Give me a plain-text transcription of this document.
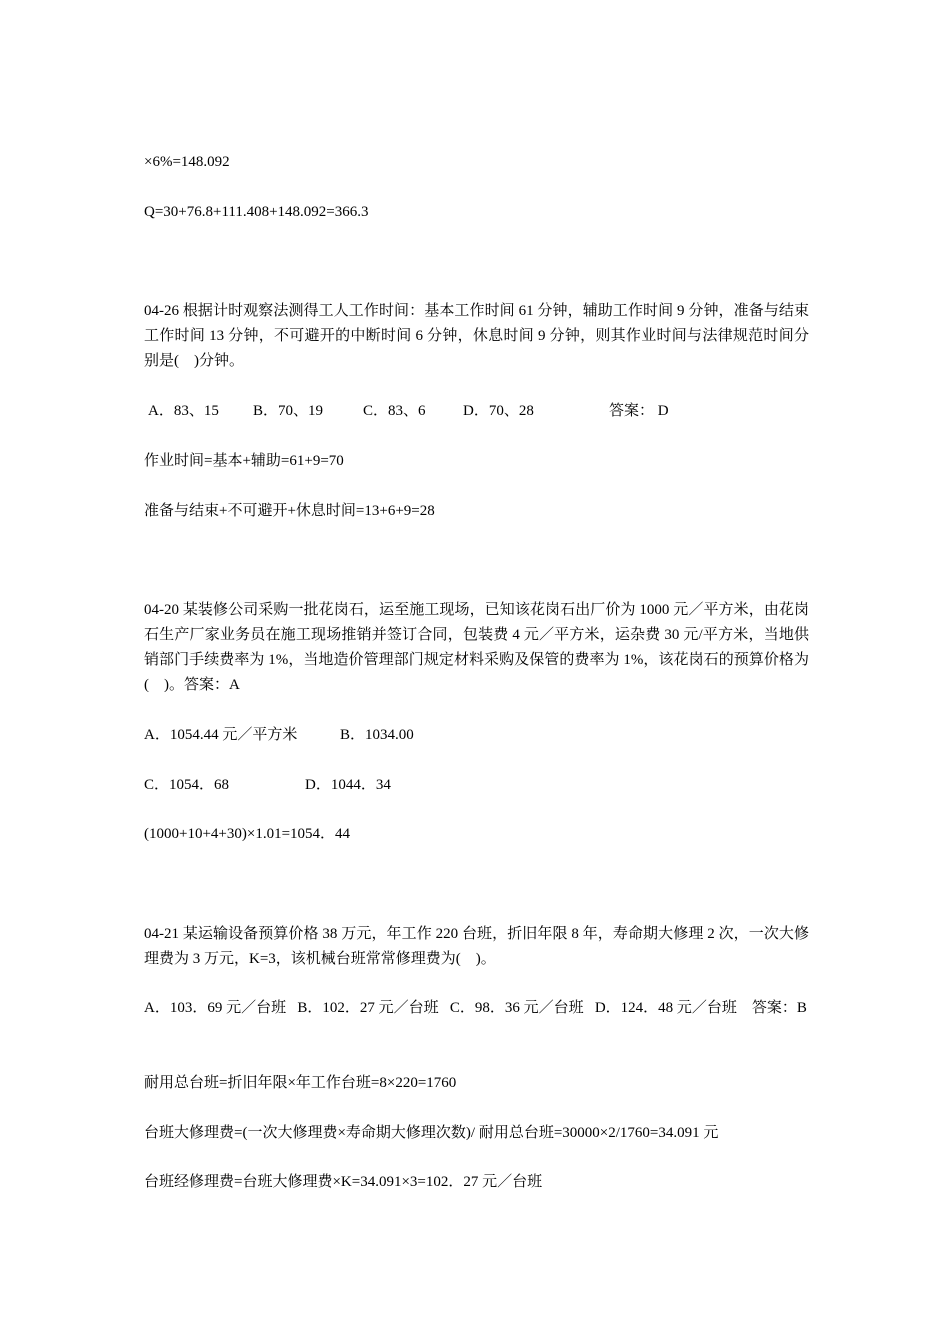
×6%=148.092
Q=30+76.8+111.408+148.092=366.3
04-26 根据计时观察法测得工人工作时间：基本工作时间 61 分钟，辅助工作时间 9 分钟，准备与结束工作时间 13 分钟，不可避开的中断时间 6 分钟，休息时间 9 分钟，则其作业时间与法律规范时间分别是(    )分钟。
A．83、15 B．70、19	C．83、6 D．70、28	答案： D
作业时间=基本+辅助=61+9=70
准备与结束+不可避开+休息时间=13+6+9=28
04-20 某装修公司采购一批花岗石，运至施工现场，已知该花岗石出厂价为 1000 元／平方米，由花岗石生产厂家业务员在施工现场推销并签订合同，包装费 4 元／平方米，运杂费 30 元/平方米，当地供销部门手续费率为 1%，当地造价管理部门规定材料采购及保管的费率为 1%，该花岗石的预算价格为(    )。答案：A
A．1054.44 元／平方米	B．1034.00
C．1054．68	D．1044．34
(1000+10+4+30)×1.01=1054．44
04-21 某运输设备预算价格 38 万元，年工作 220 台班，折旧年限 8 年，寿命期大修理 2 次，一次大修理费为 3 万元，K=3，该机械台班常常修理费为(    )。
A．103．69 元／台班   B．102．27 元／台班   C．98．36 元／台班   D．124．48 元／台班    答案：B
耐用总台班=折旧年限×年工作台班=8×220=1760
台班大修理费=(一次大修理费×寿命期大修理次数)/ 耐用总台班=30000×2/1760=34.091 元
台班经修理费=台班大修理费×K=34.091×3=102．27 元／台班
